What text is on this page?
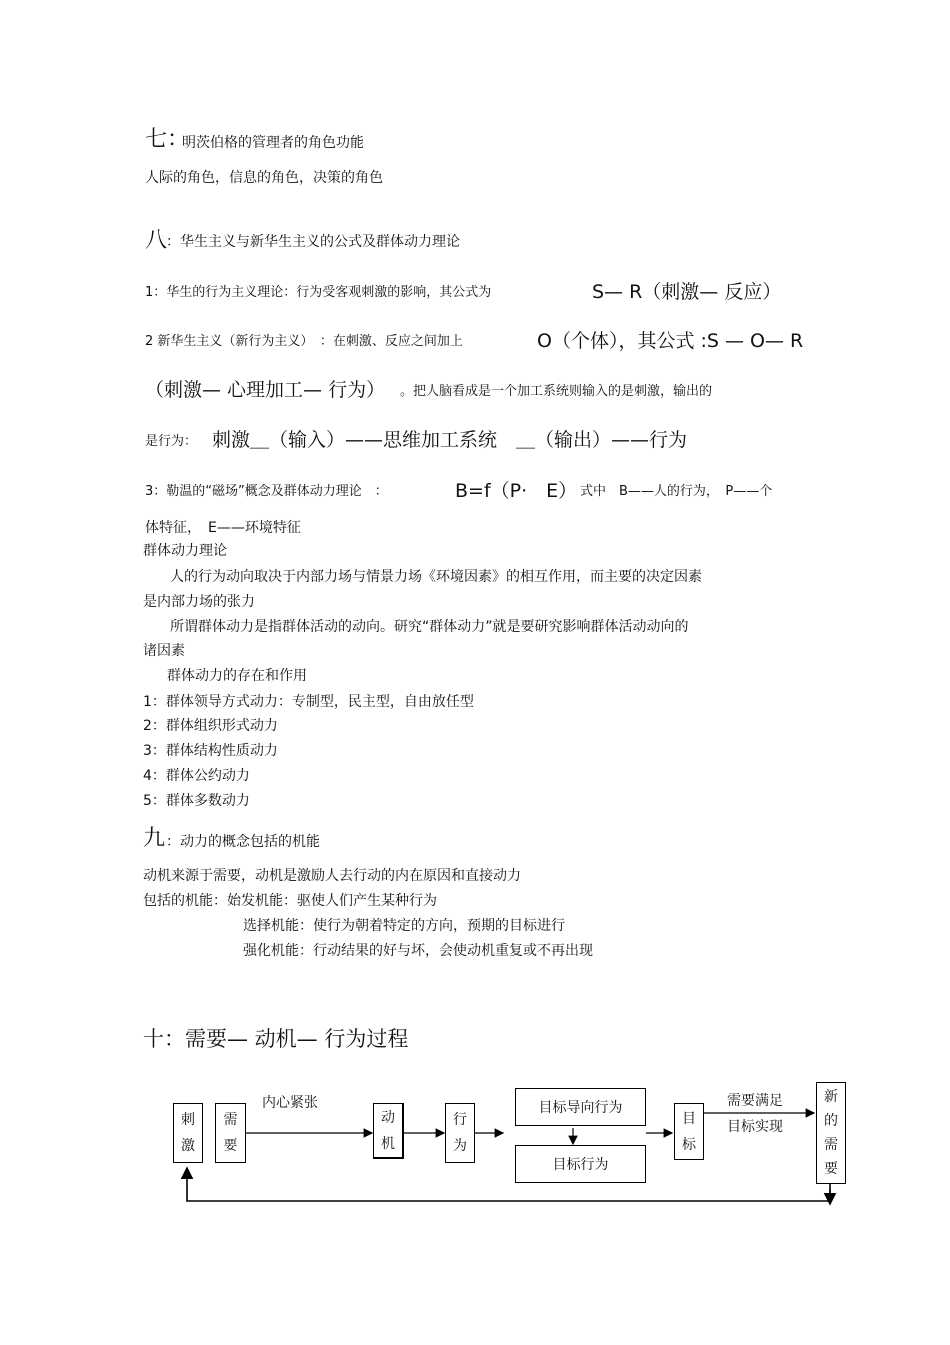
七：
明茨伯格的管理者的角色功能
人际的角色，信息的角色，决策的角色
八
：华生主义与新华生主义的公式及群体动力理论
1：华生的行为主义理论：行为受客观刺激的影响，其公式为	S— R（刺激— 反应）
2 新华生主义（新行为主义）　：在刺激、反应之间加上	O（个体），其公式 :S — O— R
（刺激— 心理加工— 行为） 。把人脑看成是一个加工系统则输入的是刺激，输出的
是行为： 刺激＿（输入）——思维加工系统　＿（输出）——行为
3：勒温的“磁场”概念及群体动力理论　：	B=f（P·　E） 式中　B——人的行为，　P——个
体特征，　E——环境特征
群体动力理论
人的行为动向取决于内部力场与情景力场《环境因素》的相互作用，而主要的决定因素
是内部力场的张力
所谓群体动力是指群体活动的动向。研究“群体动力”就是要研究影响群体活动动向的
诸因素
群体动力的存在和作用
1：群体领导方式动力：专制型，民主型，自由放任型
2：群体组织形式动力
3：群体结构性质动力
4：群体公约动力
5：群体多数动力
九 ：动力的概念包括的机能
动机来源于需要，动机是激励人去行动的内在原因和直接动力
包括的机能：始发机能：驱使人们产生某种行为
选择机能：使行为朝着特定的方向，预期的目标进行
强化机能：行动结果的好与坏，会使动机重复或不再出现
十：需要— 动机— 行为过程
刺
激
需
要
内心紧张
动
机
行
为
目标导向行为
目标行为
目
标
需要满足
目标实现
新
的
需
要
